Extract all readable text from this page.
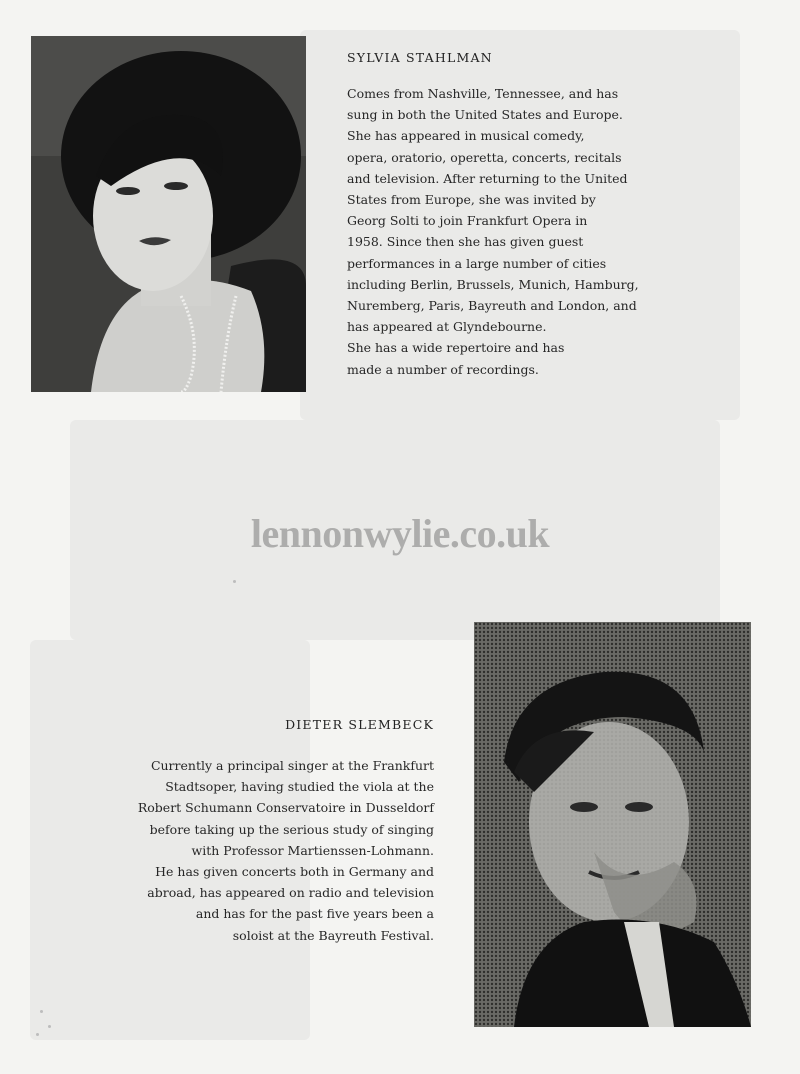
SYLVIA STAHLMAN
Comes from Nashville, Tennessee, and has
sung in both the United States and Europe.
She has appeared in musical comedy,
opera, oratorio, operetta, concerts, recitals
and television. After returning to the United
States from Europe, she was invited by
Georg Solti to join Frankfurt Opera in
1958. Since then she has given guest
performances in a large number of cities
including Berlin, Brussels, Munich, Hamburg,
Nuremberg, Paris, Bayreuth and London, and
has appeared at Glyndebourne.
She has a wide repertoire and has
made a number of recordings.
lennonwylie.co.uk
DIETER SLEMBECK
Currently a principal singer at the Frankfurt
Stadtsoper, having studied the viola at the
Robert Schumann Conservatoire in Dusseldorf
before taking up the serious study of singing
with Professor Martienssen-Lohmann.
He has given concerts both in Germany and
abroad, has appeared on radio and television
and has for the past five years been a
soloist at the Bayreuth Festival.
